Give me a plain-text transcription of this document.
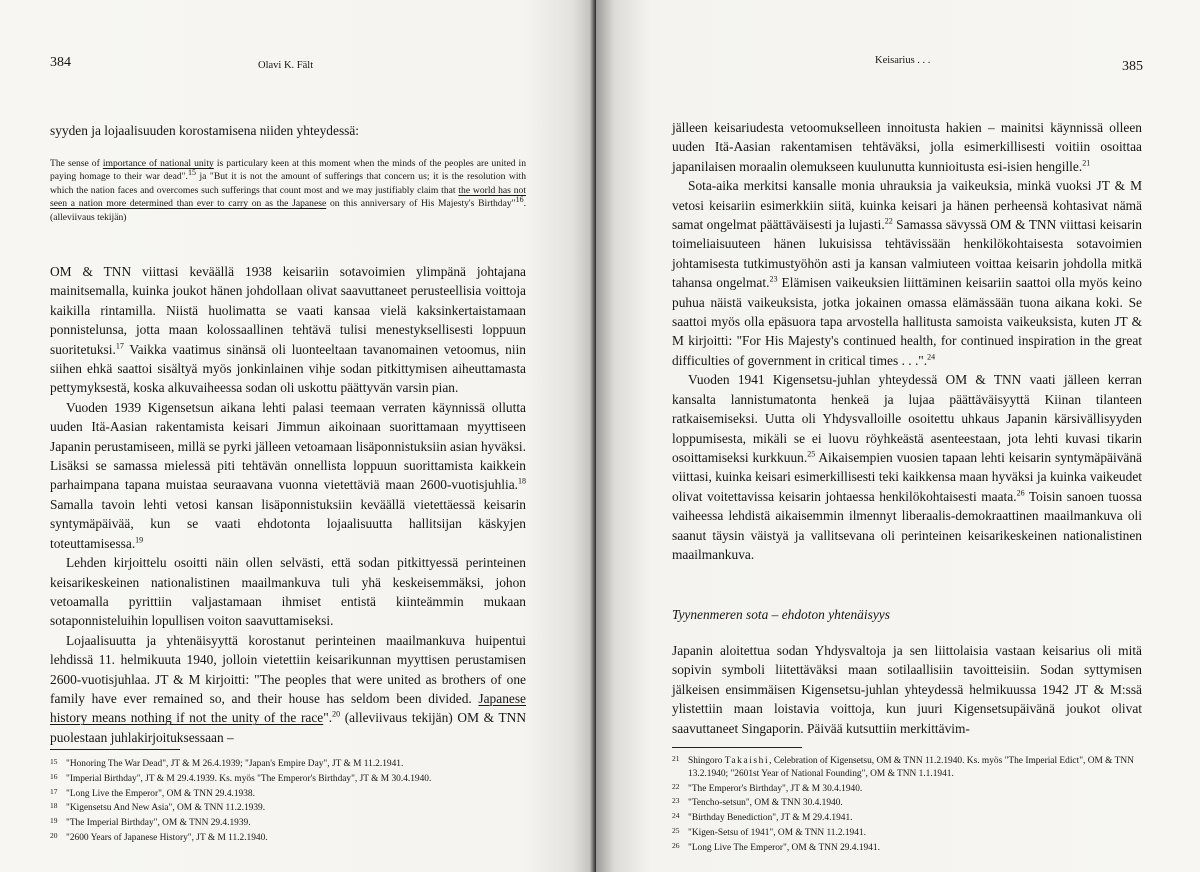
384	Olavi K. Fält
syyden ja lojaalisuuden korostamisena niiden yhteydessä:
The sense of importance of national unity is particulary keen at this moment when the minds of the peoples are united in paying homage to their war dead".$^{15}$ ja "But it is not the amount of sufferings that concern us; it is the resolution with which the nation faces and overcomes such sufferings that count most and we may justifiably claim that the world has not seen a nation more determined than ever to carry on as the Japanese on this anniversary of His Majesty's Birthday"$^{16}$. (alleviivaus tekijän)

OM & TNN viittasi keväällä 1938 keisariin sotavoimien ylimpänä johtajana mainitsemalla, kuinka joukot hänen johdollaan olivat saavuttaneet perusteellisia voittoja kaikilla rintamilla. Niistä huolimatta se vaati kansaa vielä kaksinkertaistamaan ponnistelunsa, jotta maan kolossaallinen tehtävä tulisi menestyksellisesti loppuun suoritetuksi.$^{17}$ Vaikka vaatimus sinänsä oli luonteeltaan tavanomainen vetoomus, niin siihen ehkä saattoi sisältyä myös jonkinlainen vihje sodan pitkittymisen aiheuttamasta pettymyksestä, koska alkuvaiheessa sodan oli uskottu päättyvän varsin pian.

Vuoden 1939 Kigensetsun aikana lehti palasi teemaan verraten käynnissä ollutta uuden Itä-Aasian rakentamista keisari Jimmun aikoinaan suorittamaan myyttiseen Japanin perustamiseen, millä se pyrki jälleen vetoamaan lisäponnistuksiin asian hyväksi. Lisäksi se samassa mielessä piti tehtävän onnellista loppuun suorittamista kaikkein parhaimpana tapana muistaa seuraavana vuonna vietettäviä maan 2600-vuotisjuhlia.$^{18}$ Samalla tavoin lehti vetosi kansan lisäponnistuksiin keväällä vietettäessä keisarin syntymäpäivää, kun se vaati ehdotonta lojaalisuutta hallitsijan käskyjen toteuttamisessa.$^{19}$

Lehden kirjoittelu osoitti näin ollen selvästi, että sodan pitkittyessä perinteinen keisarikeskeinen nationalistinen maailmankuva tuli yhä keskeisemmäksi, johon vetoamalla pyrittiin valjastamaan ihmiset entistä kiinteämmin mukaan sotaponnisteluihin lopullisen voiton saavuttamiseksi.

Lojaalisuutta ja yhtenäisyyttä korostanut perinteinen maailmankuva huipentui lehdissä 11. helmikuuta 1940, jolloin vietettiin keisarikunnan myyttisen perustamisen 2600-vuotisjuhlaa. JT & M kirjoitti: "The peoples that were united as brothers of one family have ever remained so, and their house has seldom been divided. Japanese history means nothing if not the unity of the race".$^{20}$ (alleviivaus tekijän) OM & TNN puolestaan juhlakirjoituksessaan –

15 "Honoring The War Dead", JT & M 26.4.1939; "Japan's Empire Day", JT & M 11.2.1941.
16 "Imperial Birthday", JT & M 29.4.1939. Ks. myös "The Emperor's Birthday", JT & M 30.4.1940.
17 "Long Live the Emperor", OM & TNN 29.4.1938.
18 "Kigensetsu And New Asia", OM & TNN 11.2.1939.
19 "The Imperial Birthday", OM & TNN 29.4.1939.
20 "2600 Years of Japanese History", JT & M 11.2.1940.
Keisarius . . .	385

jälleen keisariudesta vetoomukselleen innoitusta hakien – mainitsi käynnissä olleen uuden Itä-Aasian rakentamisen tehtäväksi, jolla esimerkillisesti voitiin osoittaa japanilaisen moraalin olemukseen kuulunutta kunnioitusta esi-isien hengille.$^{21}$

Sota-aika merkitsi kansalle monia uhrauksia ja vaikeuksia, minkä vuoksi JT & M vetosi keisariin esimerkkiin siitä, kuinka keisari ja hänen perheensä kohtasivat nämä samat ongelmat päättäväisesti ja lujasti.$^{22}$ Samassa sävyssä OM & TNN viittasi keisarin toimeliaisuuteen hänen lukuisissa tehtävissään henkilökohtaisesta sotavoimien johtamisesta tutkimustyöhön asti ja kansan valmiuteen voittaa keisarin johdolla mitkä tahansa ongelmat.$^{23}$ Elämisen vaikeuksien liittäminen keisariin saattoi olla myös keino puhua näistä vaikeuksista, jotka jokainen omassa elämässään tuona aikana koki. Se saattoi myös olla epäsuora tapa arvostella hallitusta samoista vaikeuksista, kuten JT & M kirjoitti: "For His Majesty's continued health, for continued inspiration in the great difficulties of government in critical times . . .".$^{24}$

Vuoden 1941 Kigensetsu-juhlan yhteydessä OM & TNN vaati jälleen kerran kansalta lannistumatonta henkeä ja lujaa päättäväisyyttä Kiinan tilanteen ratkaisemiseksi. Uutta oli Yhdysvalloille osoitettu uhkaus Japanin kärsivällisyyden loppumisesta, mikäli se ei luovu röyhkeästä asenteestaan, jota lehti kuvasi tikarin osoittamiseksi kurkkuun.$^{25}$ Aikaisempien vuosien tapaan lehti keisarin syntymäpäivänä viittasi, kuinka keisari esimerkillisesti teki kaikkensa maan hyväksi ja kuinka vaikeudet olivat voitettavissa keisarin johtaessa henkilökohtaisesti maata.$^{26}$ Toisin sanoen tuossa vaiheessa lehdistä aikaisemmin ilmennyt liberaalis-demokraattinen maailmankuva oli saanut täysin väistyä ja vallitsevana oli perinteinen keisarikeskeinen nationalistinen maailmankuva.

Tyynenmeren sota – ehdoton yhtenäisyys

Japanin aloitettua sodan Yhdysvaltoja ja sen liittolaisia vastaan keisarius oli mitä sopivin symboli liitettäväksi maan sotilaallisiin tavoitteisiin. Sodan syttymisen jälkeisen ensimmäisen Kigensetsu-juhlan yhteydessä helmikuussa 1942 JT & M:ssä ylistettiin maan loistavia voittoja, kun juuri Kigensetsupäivänä joukot olivat saavuttaneet Singaporin. Päivää kutsuttiin merkittävim-

21 Shingoro Takaishi, Celebration of Kigensetsu, OM & TNN 11.2.1940. Ks. myös "The Imperial Edict", OM & TNN 13.2.1940; "2601st Year of National Founding", OM & TNN 1.1.1941.
22 "The Emperor's Birthday", JT & M 30.4.1940.
23 "Tencho-setsun", OM & TNN 30.4.1940.
24 "Birthday Benediction", JT & M 29.4.1941.
25 "Kigen-Setsu of 1941", OM & TNN 11.2.1941.
26 "Long Live The Emperor", OM & TNN 29.4.1941.
